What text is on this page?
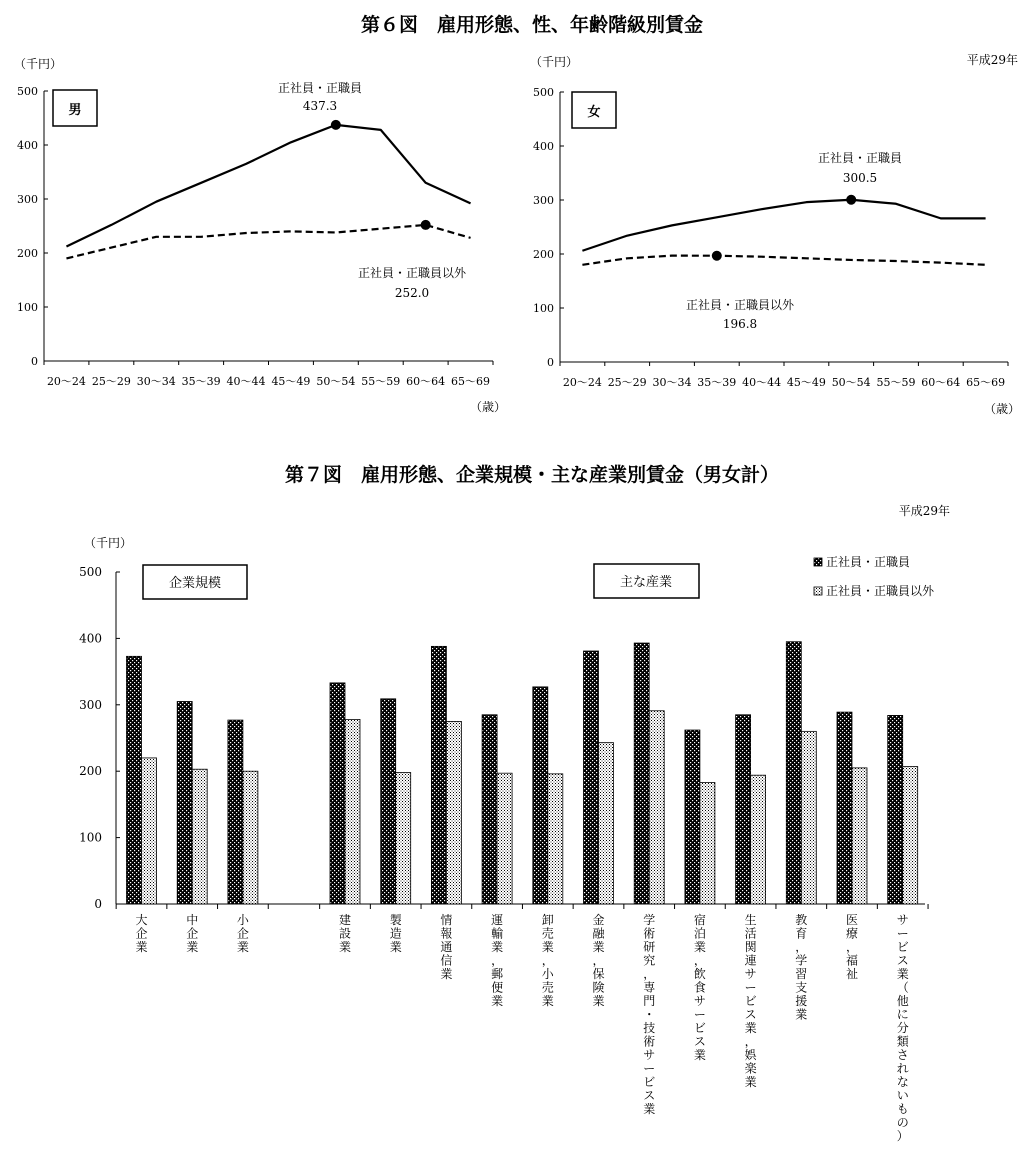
第６図　雇用形態、性、年齢階級別賃金
平成29年
（千円）
男
0
100
200
300
400
500
20～24 25～29 30～34 35～39 40～44 45～49 50～54 55～59 60～64 65～69
正社員・正職員
437.3
正社員・正職員以外
252.0
（歳）
（千円）
女
0
100
200
300
400
500
20～24 25～29 30～34 35～39 40～44 45～49 50～54 55～59 60～64 65～69
正社員・正職員
300.5
正社員・正職員以外
196.8
（歳）
第７図　雇用形態、企業規模・主な産業別賃金（男女計）
平成29年
（千円）
正社員・正職員
正社員・正職員以外
企業規模	主な産業
0
100
200
300
400
500
大企業
中企業
小企業
建設業
製造業
情報通信業
運輸業，郵便業
卸売業，小売業
金融業，保険業
学術研究，専門・技術サービス業
宿泊業，飲食サービス業
生活関連サービス業，娯楽業
教育，学習支援業
医療，福祉
サービス業（他に分類されないもの）
